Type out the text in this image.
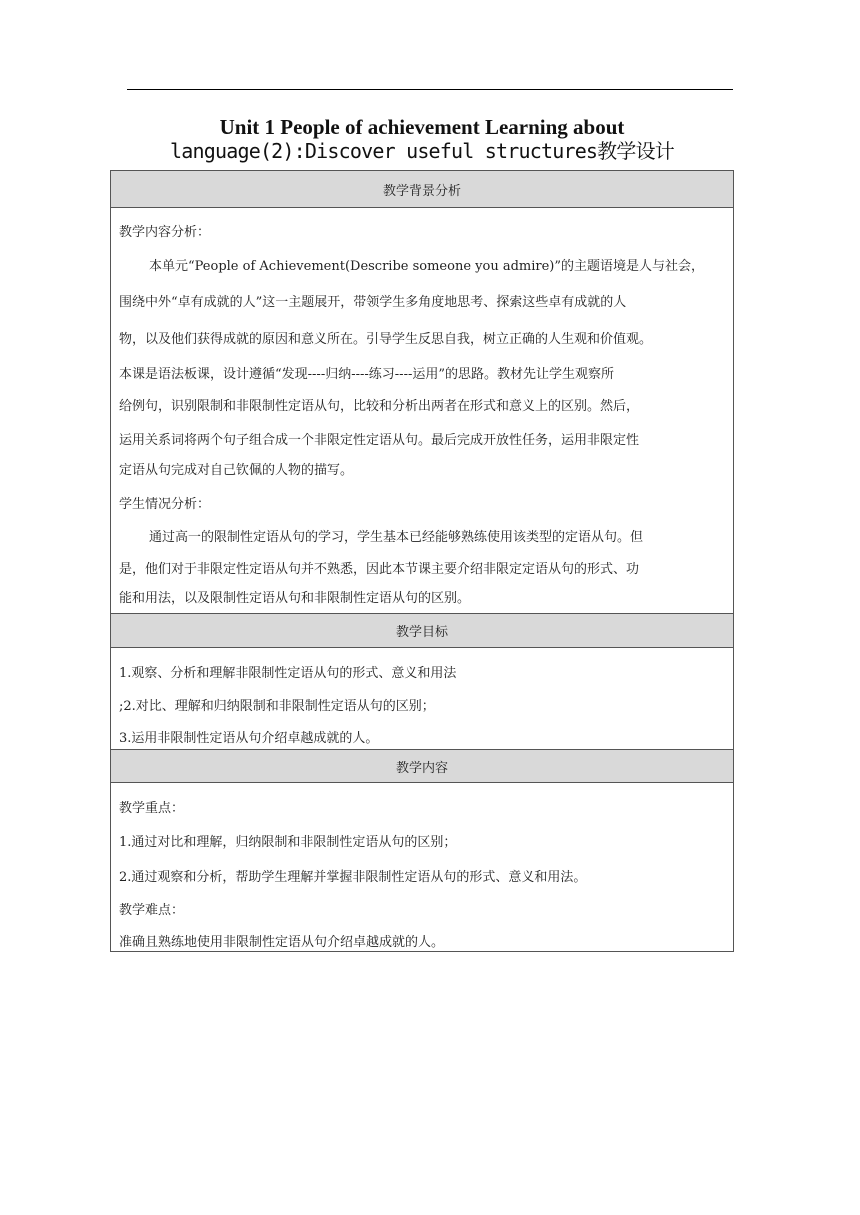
Unit 1 People of achievement Learning about
language(2):Discover useful structures教学设计
教学背景分析
教学内容分析：
本单元“People of Achievement(Describe someone you admire)”的主题语境是人与社会，
围绕中外“卓有成就的人”这一主题展开，带领学生多角度地思考、探索这些卓有成就的人
物，以及他们获得成就的原因和意义所在。引导学生反思自我，树立正确的人生观和价值观。
本课是语法板课，设计遵循“发现----归纳----练习----运用”的思路。教材先让学生观察所
给例句，识别限制和非限制性定语从句，比较和分析出两者在形式和意义上的区别。然后，
运用关系词将两个句子组合成一个非限定性定语从句。最后完成开放性任务，运用非限定性
定语从句完成对自己钦佩的人物的描写。
学生情况分析：
通过高一的限制性定语从句的学习，学生基本已经能够熟练使用该类型的定语从句。但
是，他们对于非限定性定语从句并不熟悉，因此本节课主要介绍非限定定语从句的形式、功
能和用法，以及限制性定语从句和非限制性定语从句的区别。
教学目标
1.观察、分析和理解非限制性定语从句的形式、意义和用法
;2.对比、理解和归纳限制和非限制性定语从句的区别；
3.运用非限制性定语从句介绍卓越成就的人。
教学内容
教学重点：
1.通过对比和理解，归纳限制和非限制性定语从句的区别；
2.通过观察和分析，帮助学生理解并掌握非限制性定语从句的形式、意义和用法。
教学难点：
准确且熟练地使用非限制性定语从句介绍卓越成就的人。
